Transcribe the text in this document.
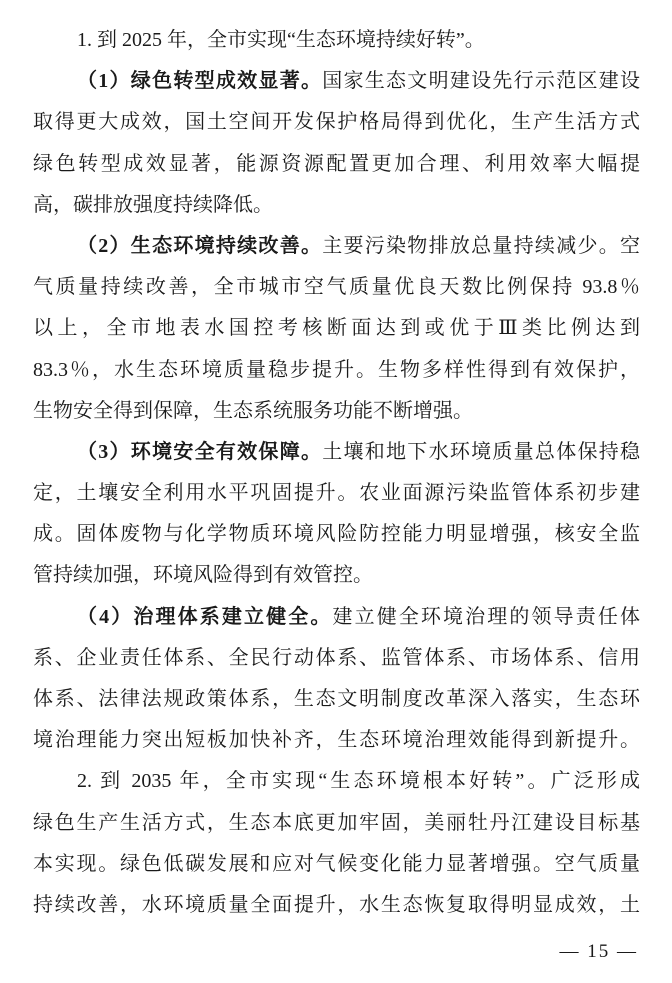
1. 到 2025 年，全市实现“生态环境持续好转”。
（1）绿色转型成效显著。国家生态文明建设先行示范区建设
取得更大成效，国土空间开发保护格局得到优化，生产生活方式
绿色转型成效显著，能源资源配置更加合理、利用效率大幅提
高，碳排放强度持续降低。
（2）生态环境持续改善。主要污染物排放总量持续减少。空
气质量持续改善，全市城市空气质量优良天数比例保持 93.8％
以上，全市地表水国控考核断面达到或优于Ⅲ类比例达到
83.3％，水生态环境质量稳步提升。生物多样性得到有效保护，
生物安全得到保障，生态系统服务功能不断增强。
（3）环境安全有效保障。土壤和地下水环境质量总体保持稳
定，土壤安全利用水平巩固提升。农业面源污染监管体系初步建
成。固体废物与化学物质环境风险防控能力明显增强，核安全监
管持续加强，环境风险得到有效管控。
（4）治理体系建立健全。建立健全环境治理的领导责任体
系、企业责任体系、全民行动体系、监管体系、市场体系、信用
体系、法律法规政策体系，生态文明制度改革深入落实，生态环
境治理能力突出短板加快补齐，生态环境治理效能得到新提升。
2. 到 2035 年，全市实现“生态环境根本好转”。广泛形成
绿色生产生活方式，生态本底更加牢固，美丽牡丹江建设目标基
本实现。绿色低碳发展和应对气候变化能力显著增强。空气质量
持续改善，水环境质量全面提升，水生态恢复取得明显成效，土
— 15 —
